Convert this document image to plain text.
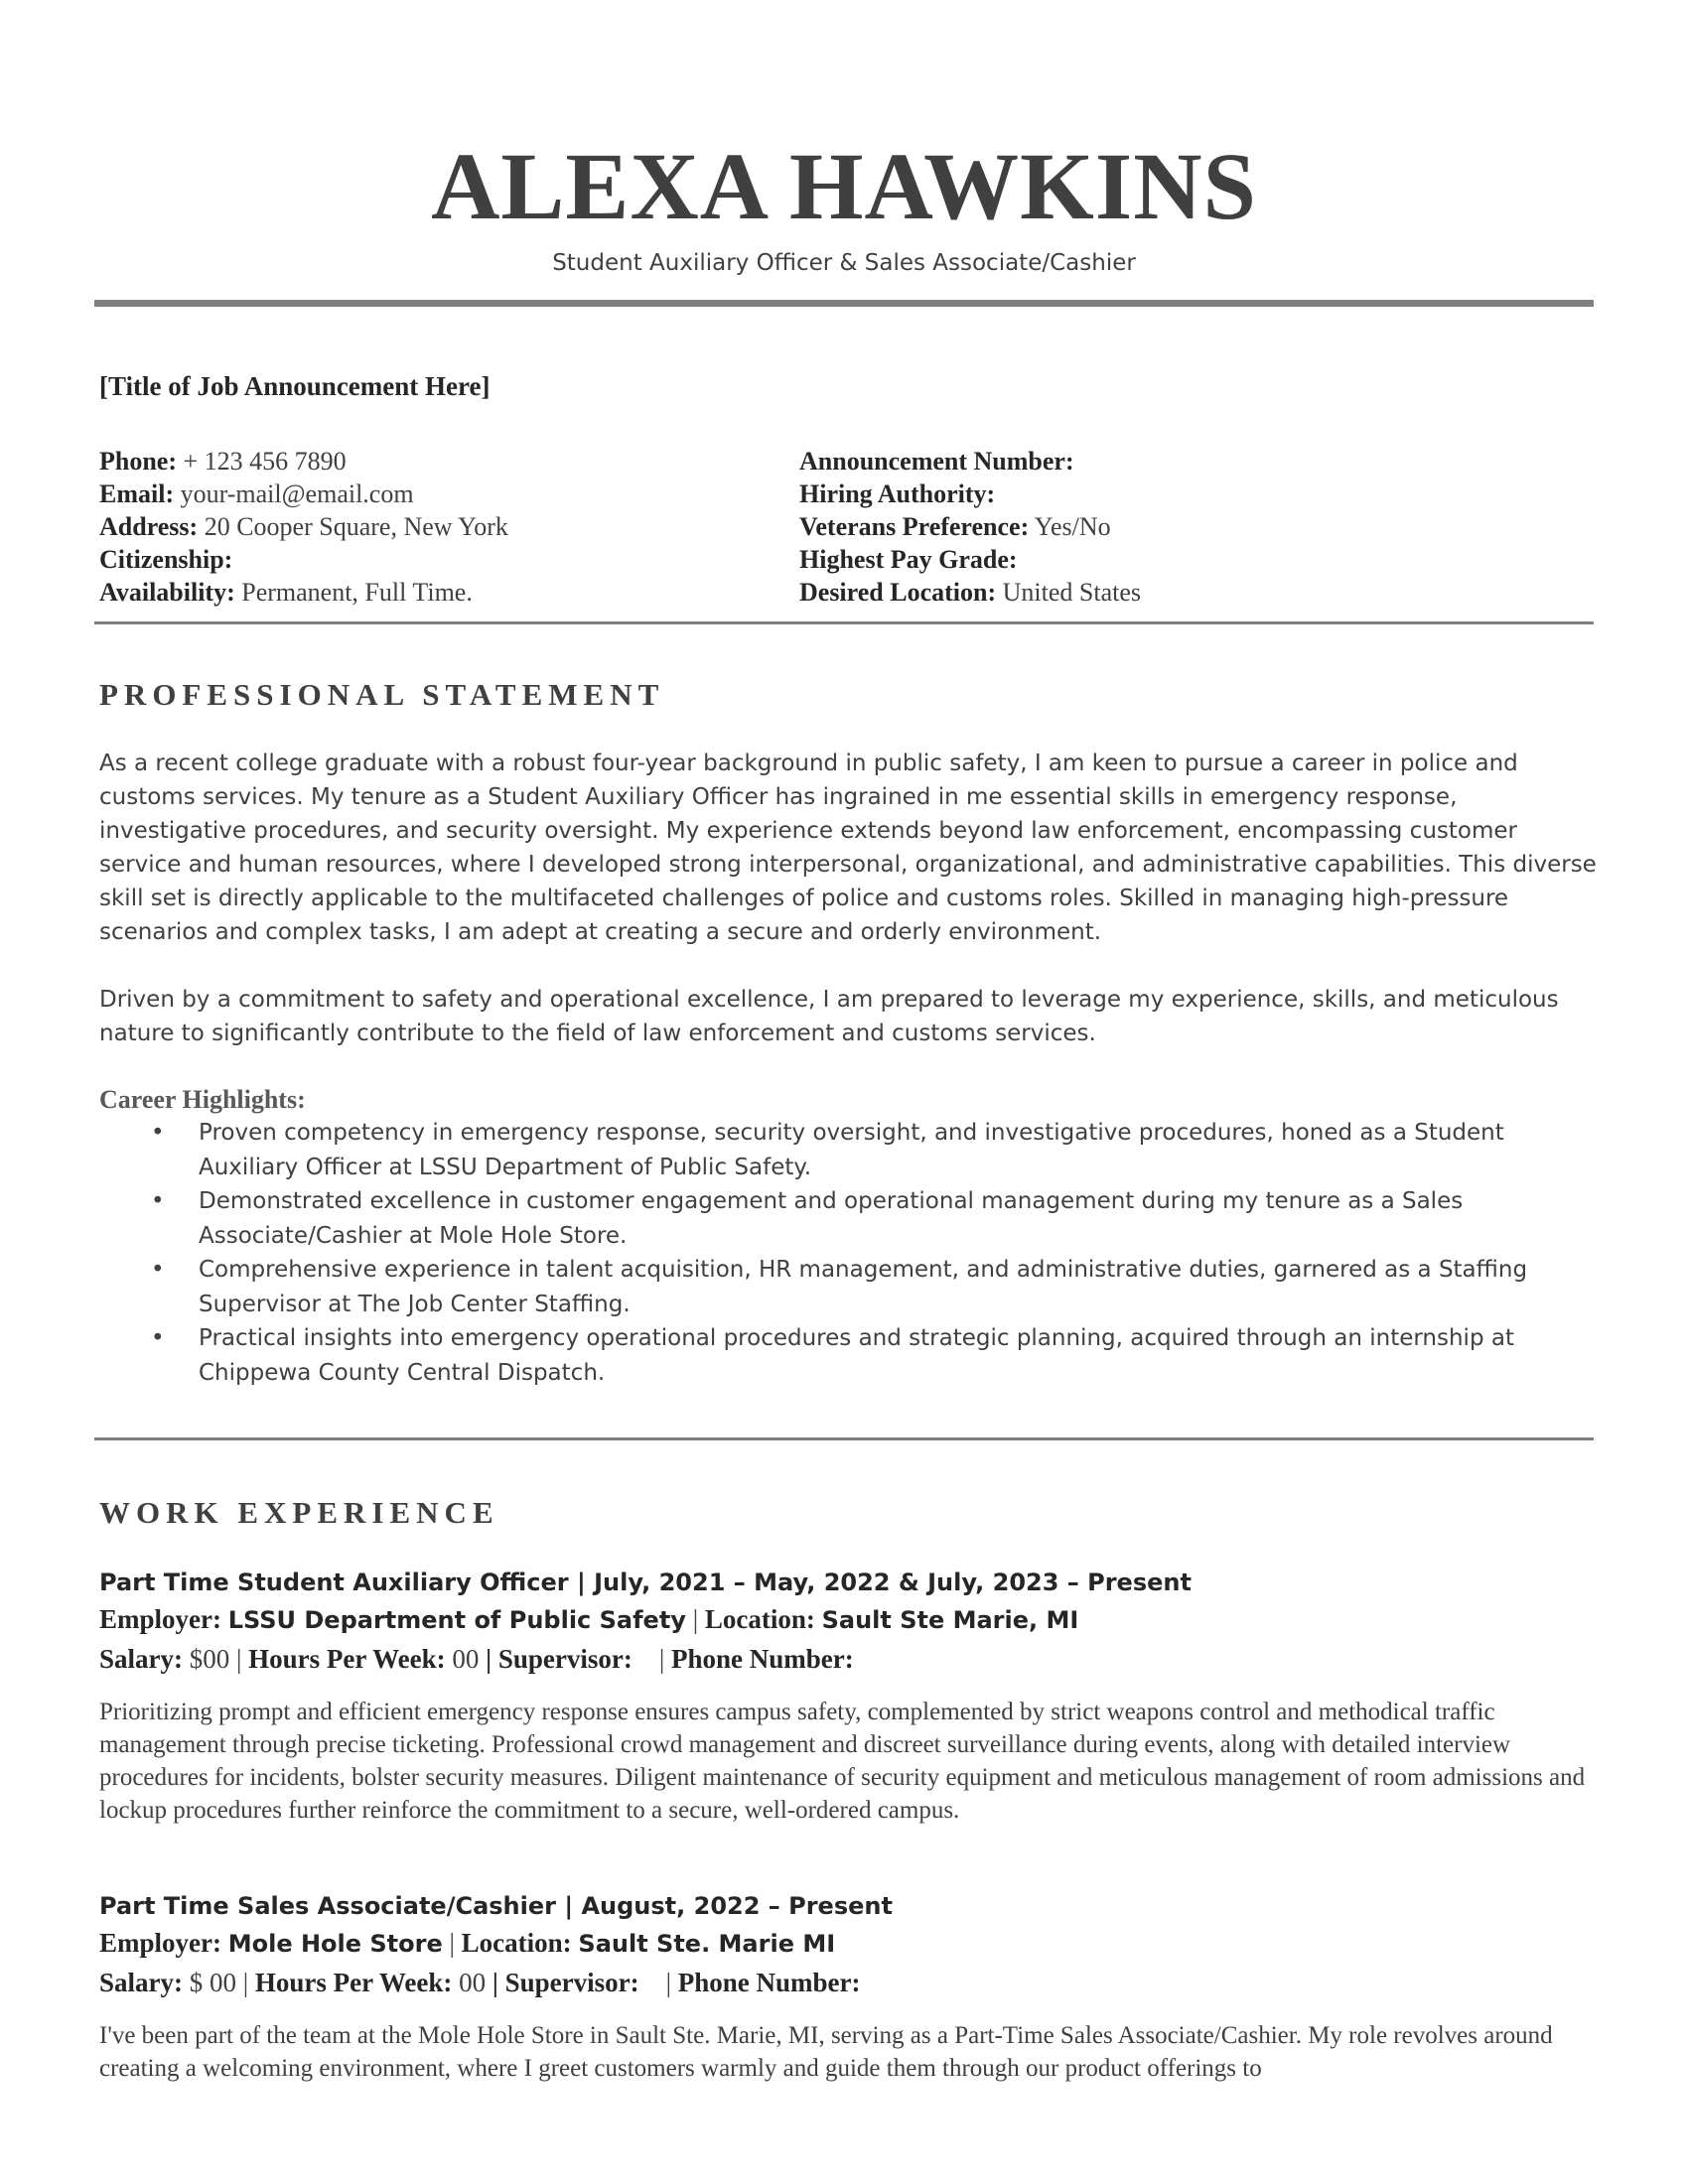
ALEXA HAWKINS
Student Auxiliary Officer & Sales Associate/Cashier
[Title of Job Announcement Here]
Phone: + 123 456 7890
Email: your-mail@email.com
Address: 20 Cooper Square, New York
Citizenship:
Availability: Permanent, Full Time.
Announcement Number:
Hiring Authority:
Veterans Preference: Yes/No
Highest Pay Grade:
Desired Location: United States
PROFESSIONAL STATEMENT
As a recent college graduate with a robust four-year background in public safety, I am keen to pursue a career in police and customs services. My tenure as a Student Auxiliary Officer has ingrained in me essential skills in emergency response, investigative procedures, and security oversight. My experience extends beyond law enforcement, encompassing customer service and human resources, where I developed strong interpersonal, organizational, and administrative capabilities. This diverse skill set is directly applicable to the multifaceted challenges of police and customs roles. Skilled in managing high-pressure scenarios and complex tasks, I am adept at creating a secure and orderly environment.
Driven by a commitment to safety and operational excellence, I am prepared to leverage my experience, skills, and meticulous nature to significantly contribute to the field of law enforcement and customs services.
Career Highlights:
• Proven competency in emergency response, security oversight, and investigative procedures, honed as a Student Auxiliary Officer at LSSU Department of Public Safety.
• Demonstrated excellence in customer engagement and operational management during my tenure as a Sales Associate/Cashier at Mole Hole Store.
• Comprehensive experience in talent acquisition, HR management, and administrative duties, garnered as a Staffing Supervisor at The Job Center Staffing.
• Practical insights into emergency operational procedures and strategic planning, acquired through an internship at Chippewa County Central Dispatch.
WORK EXPERIENCE
Part Time Student Auxiliary Officer | July, 2021 – May, 2022 & July, 2023 – Present
Employer: LSSU Department of Public Safety | Location: Sault Ste Marie, MI
Salary: $00 | Hours Per Week: 00 | Supervisor:    | Phone Number:
Prioritizing prompt and efficient emergency response ensures campus safety, complemented by strict weapons control and methodical traffic management through precise ticketing. Professional crowd management and discreet surveillance during events, along with detailed interview procedures for incidents, bolster security measures. Diligent maintenance of security equipment and meticulous management of room admissions and lockup procedures further reinforce the commitment to a secure, well-ordered campus.
Part Time Sales Associate/Cashier | August, 2022 – Present
Employer: Mole Hole Store | Location: Sault Ste. Marie MI
Salary: $ 00 | Hours Per Week: 00 | Supervisor:    | Phone Number:
I've been part of the team at the Mole Hole Store in Sault Ste. Marie, MI, serving as a Part-Time Sales Associate/Cashier. My role revolves around creating a welcoming environment, where I greet customers warmly and guide them through our product offerings to
